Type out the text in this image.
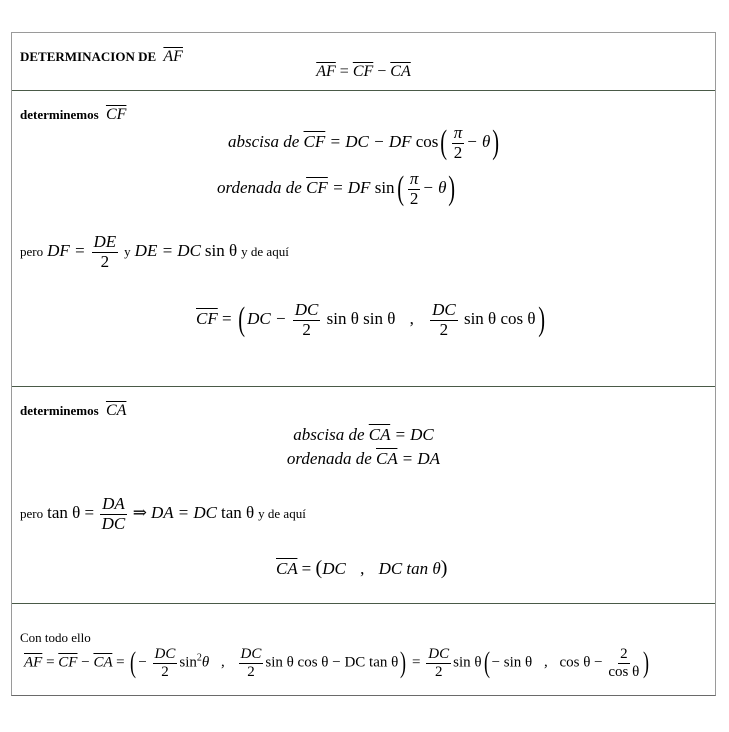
DETERMINACION DE $\overline{AF}$
$\overline{AF} = \overline{CF} - \overline{CA}$
determinemos $\overline{CF}$
abscisa de $\overline{CF}$ = DC − DF $\cos( \frac{\pi}{2} - \theta)$
ordenada de $\overline{CF}$ = DF $\sin( \frac{\pi}{2} - \theta)$
pero DF = $\frac{DE}{2}$ y DE = DC sin θ y de aquí
$\overline{CF}$ = ( DC − $\frac{DC}{2}$ sin θ sin θ , $\frac{DC}{2}$ sin θ cos θ)
determinemos $\overline{CA}$
abscisa de $\overline{CA}$ = DC
ordenada de $\overline{CA}$ = DA
pero $\tan \theta = \frac{DA}{DC}$ ⇒ DA = DC tan θ y de aquí
$\overline{CA} = (DC$ , DC tan θ)
Con todo ello
$\overline{AF} = \overline{CF} - \overline{CA}$ = ( − $\frac{DC}{2} \sin^2\theta$ , $\frac{DC}{2}$ sin θ cos θ − DC $\tan \theta) = \frac{DC}{2}$ sin θ( − sin θ , $\cos \theta - \frac{2}{\text{cos θ}}$ )
